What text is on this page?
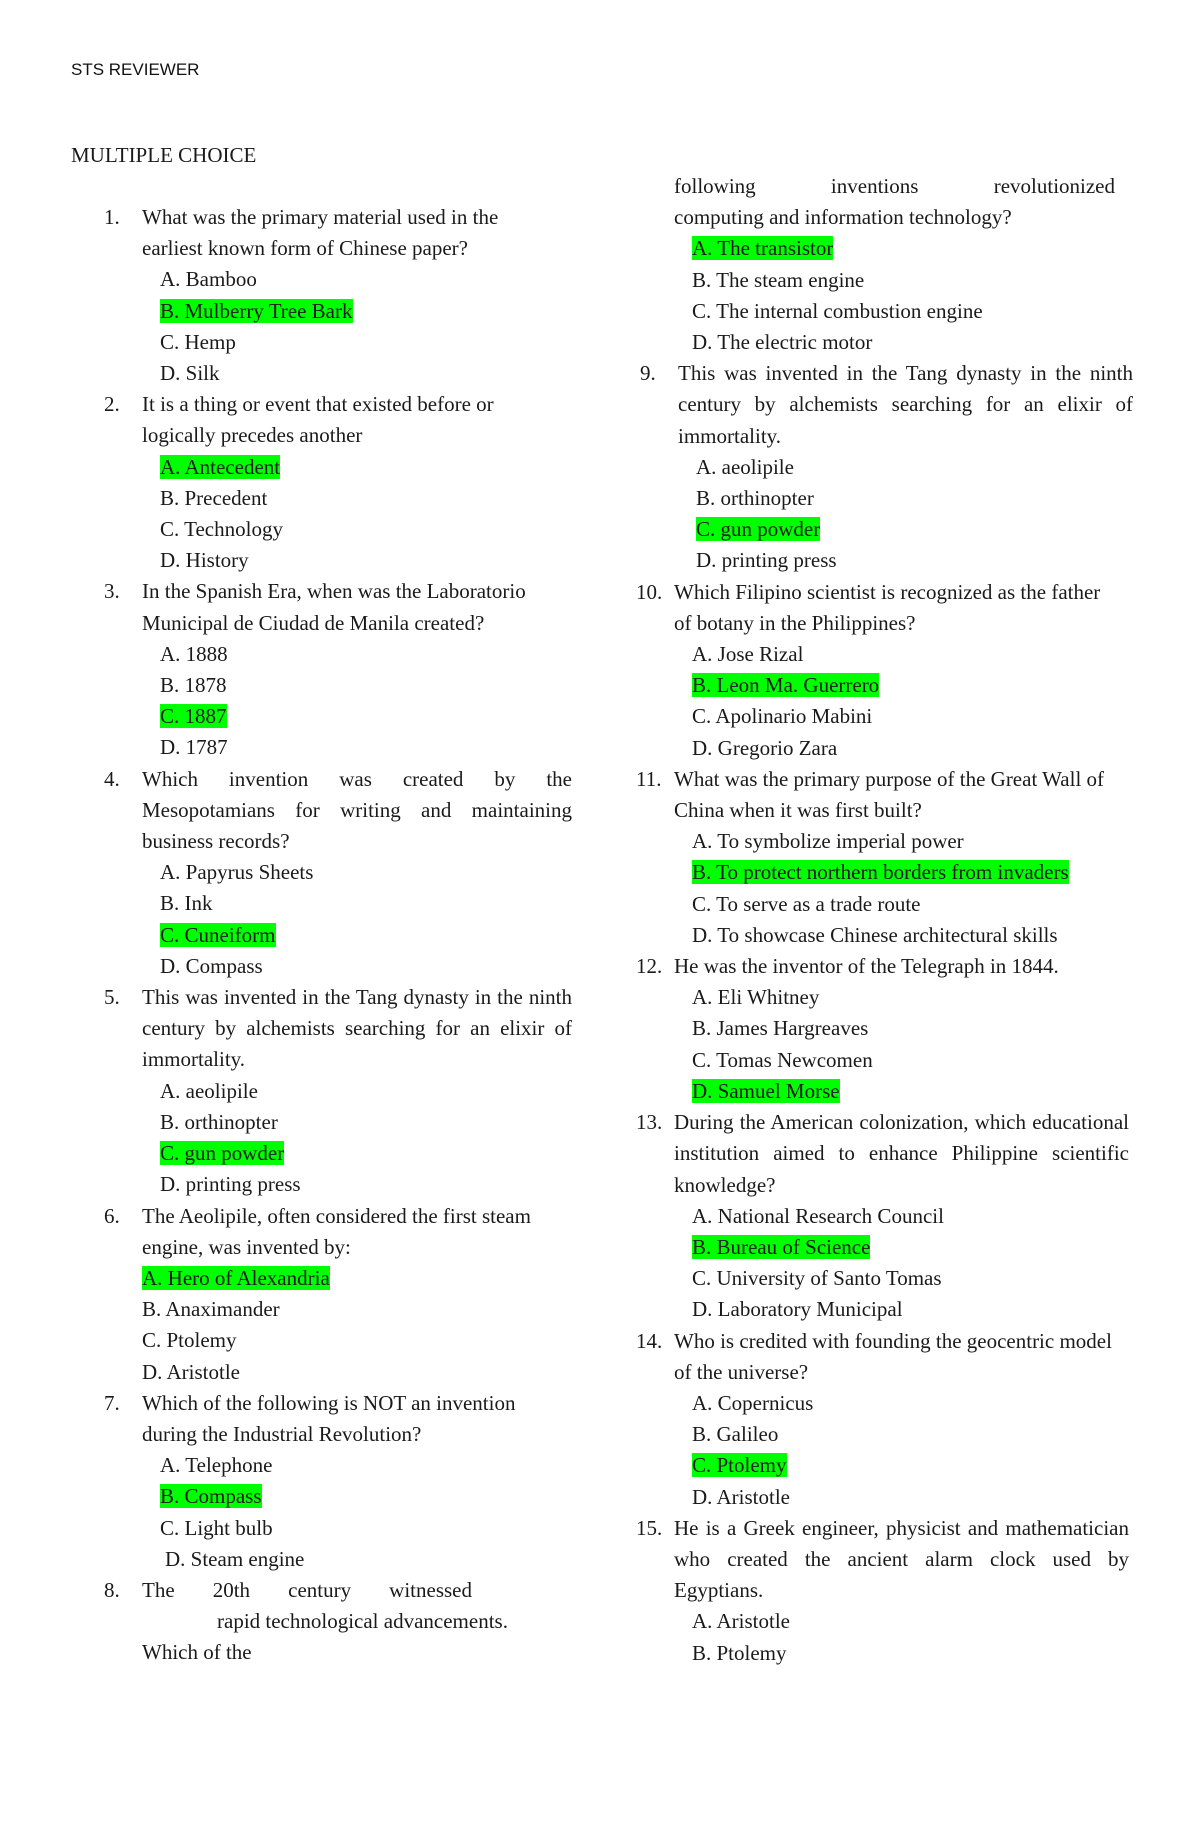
STS REVIEWER
MULTIPLE CHOICE
1. What was the primary material used in the earliest known form of Chinese paper?
A. Bamboo
B. Mulberry Tree Bark
C. Hemp
D. Silk
2. It is a thing or event that existed before or logically precedes another
A. Antecedent
B. Precedent
C. Technology
D. History
3. In the Spanish Era, when was the Laboratorio Municipal de Ciudad de Manila created?
A. 1888
B. 1878
C. 1887
D. 1787
4. Which invention was created by the Mesopotamians for writing and maintaining business records?
A. Papyrus Sheets
B. Ink
C. Cuneiform
D. Compass
5. This was invented in the Tang dynasty in the ninth century by alchemists searching for an elixir of immortality.
A. aeolipile
B. orthinopter
C. gun powder
D. printing press
6. The Aeolipile, often considered the first steam engine, was invented by:
A. Hero of Alexandria
B. Anaximander
C. Ptolemy
D. Aristotle
7. Which of the following is NOT an invention during the Industrial Revolution?
A. Telephone
B. Compass
C. Light bulb
D. Steam engine
8. The 20th century witnessed
rapid technological advancements.
Which of the
following inventions revolutionized
computing and information technology?
A. The transistor
B. The steam engine
C. The internal combustion engine
D. The electric motor
9. This was invented in the Tang dynasty in the ninth century by alchemists searching for an elixir of immortality.
A. aeolipile
B. orthinopter
C. gun powder
D. printing press
10. Which Filipino scientist is recognized as the father of botany in the Philippines?
A. Jose Rizal
B. Leon Ma. Guerrero
C. Apolinario Mabini
D. Gregorio Zara
11. What was the primary purpose of the Great Wall of China when it was first built?
A. To symbolize imperial power
B. To protect northern borders from invaders
C. To serve as a trade route
D. To showcase Chinese architectural skills
12. He was the inventor of the Telegraph in 1844.
A. Eli Whitney
B. James Hargreaves
C. Tomas Newcomen
D. Samuel Morse
13. During the American colonization, which educational institution aimed to enhance Philippine scientific knowledge?
A. National Research Council
B. Bureau of Science
C. University of Santo Tomas
D. Laboratory Municipal
14. Who is credited with founding the geocentric model of the universe?
A. Copernicus
B. Galileo
C. Ptolemy
D. Aristotle
15. He is a Greek engineer, physicist and mathematician who created the ancient alarm clock used by Egyptians.
A. Aristotle
B. Ptolemy
